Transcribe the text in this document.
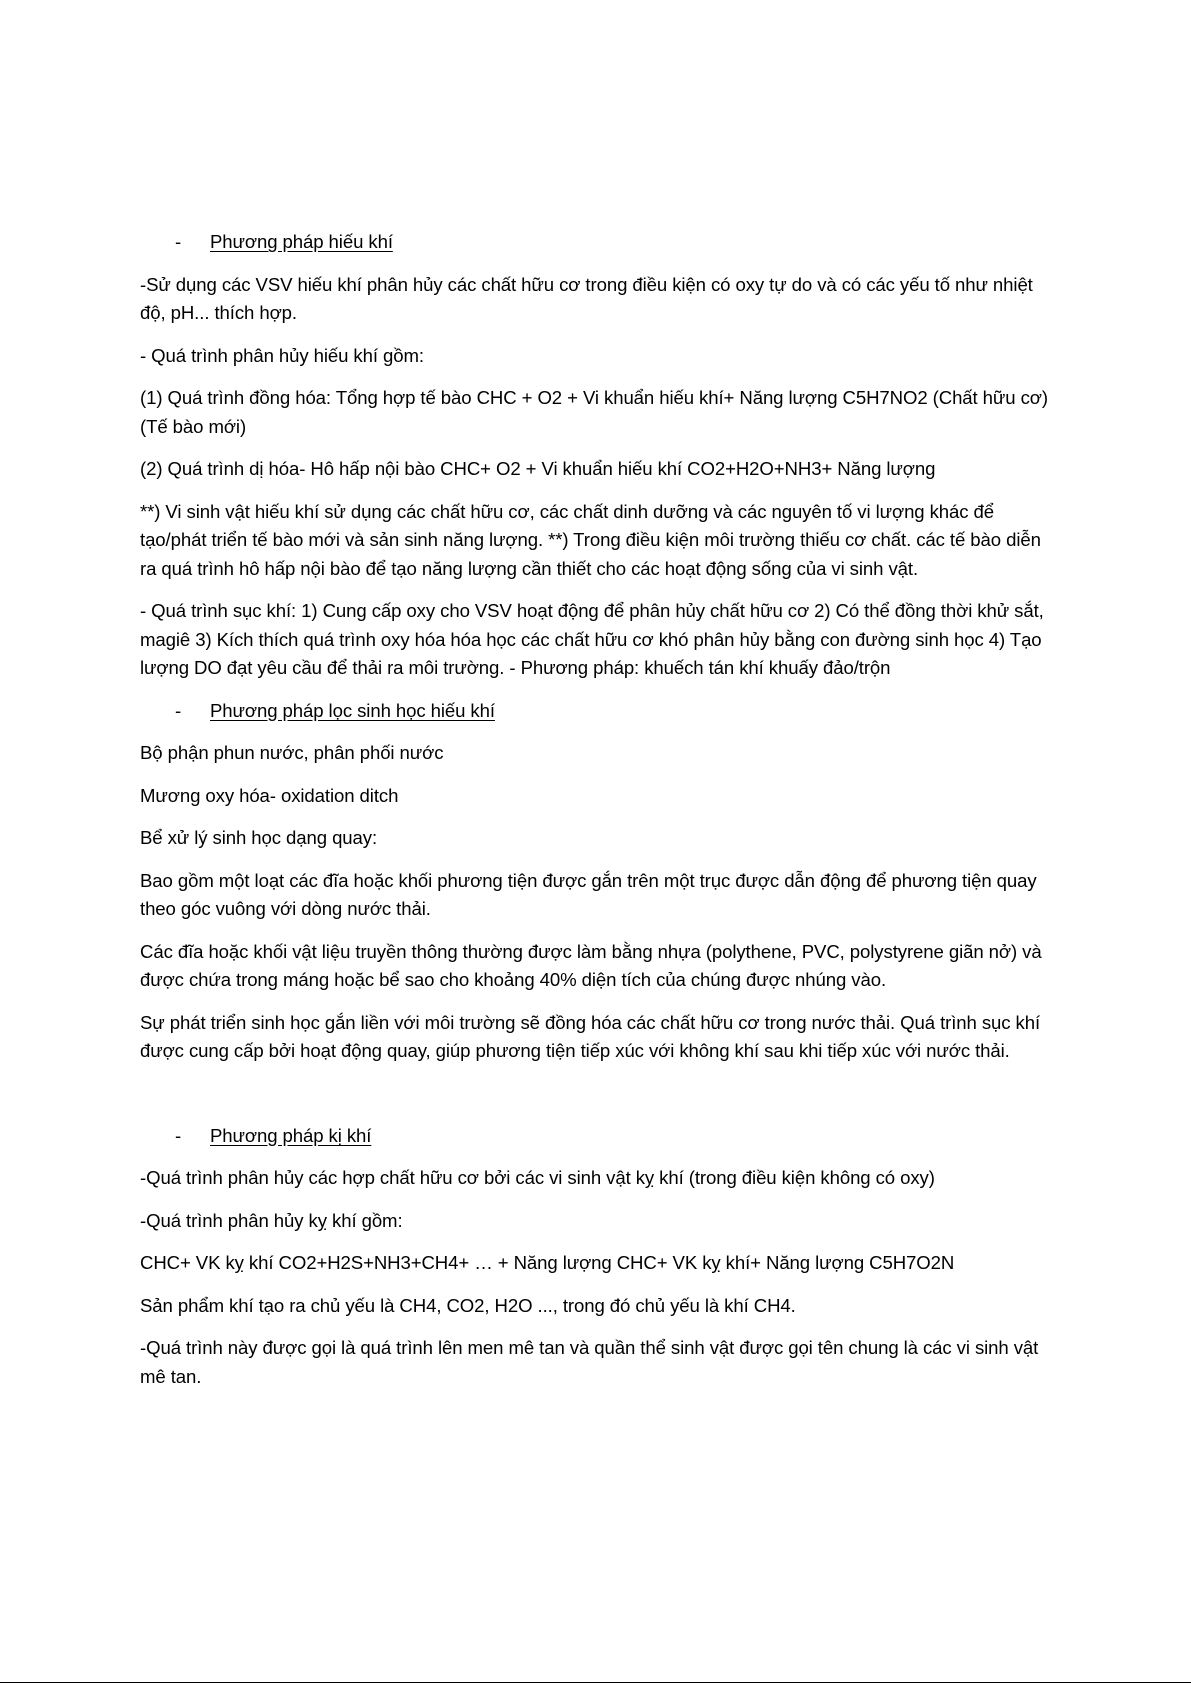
-	Phương pháp hiếu khí

-Sử dụng các VSV hiếu khí phân hủy các chất hữu cơ trong điều kiện có oxy tự do và có các yếu tố như nhiệt độ, pH... thích hợp.

- Quá trình phân hủy hiếu khí gồm:

(1) Quá trình đồng hóa: Tổng hợp tế bào CHC + O2 + Vi khuẩn hiếu khí+ Năng lượng C5H7NO2 (Chất hữu cơ) (Tế bào mới)

(2) Quá trình dị hóa- Hô hấp nội bào CHC+ O2 + Vi khuẩn hiếu khí CO2+H2O+NH3+ Năng lượng

**) Vi sinh vật hiếu khí sử dụng các chất hữu cơ, các chất dinh dưỡng và các nguyên tố vi lượng khác để tạo/phát triển tế bào mới và sản sinh năng lượng. **) Trong điều kiện môi trường thiếu cơ chất. các tế bào diễn ra quá trình hô hấp nội bào để tạo năng lượng cần thiết cho các hoạt động sống của vi sinh vật.

- Quá trình sục khí: 1) Cung cấp oxy cho VSV hoạt động để phân hủy chất hữu cơ 2) Có thể đồng thời khử sắt, magiê 3) Kích thích quá trình oxy hóa hóa học các chất hữu cơ khó phân hủy bằng con đường sinh học 4) Tạo lượng DO đạt yêu cầu để thải ra môi trường. - Phương pháp: khuếch tán khí khuấy đảo/trộn

-	Phương pháp lọc sinh học hiếu khí

Bộ phận phun nước, phân phối nước

Mương oxy hóa- oxidation ditch

Bể xử lý sinh học dạng quay:

Bao gồm một loạt các đĩa hoặc khối phương tiện được gắn trên một trục được dẫn động để phương tiện quay theo góc vuông với dòng nước thải.

Các đĩa hoặc khối vật liệu truyền thông thường được làm bằng nhựa (polythene, PVC, polystyrene giãn nở) và được chứa trong máng hoặc bể sao cho khoảng 40% diện tích của chúng được nhúng vào.

Sự phát triển sinh học gắn liền với môi trường sẽ đồng hóa các chất hữu cơ trong nước thải. Quá trình sục khí được cung cấp bởi hoạt động quay, giúp phương tiện tiếp xúc với không khí sau khi tiếp xúc với nước thải.

-	Phương pháp kị khí

-Quá trình phân hủy các hợp chất hữu cơ bởi các vi sinh vật kỵ khí (trong điều kiện không có oxy)

-Quá trình phân hủy kỵ khí gồm:

CHC+ VK kỵ khí CO2+H2S+NH3+CH4+ … + Năng lượng CHC+ VK kỵ khí+ Năng lượng C5H7O2N

Sản phẩm khí tạo ra chủ yếu là CH4, CO2, H2O ..., trong đó chủ yếu là khí CH4.

-Quá trình này được gọi là quá trình lên men mê tan và quần thể sinh vật được gọi tên chung là các vi sinh vật mê tan.
